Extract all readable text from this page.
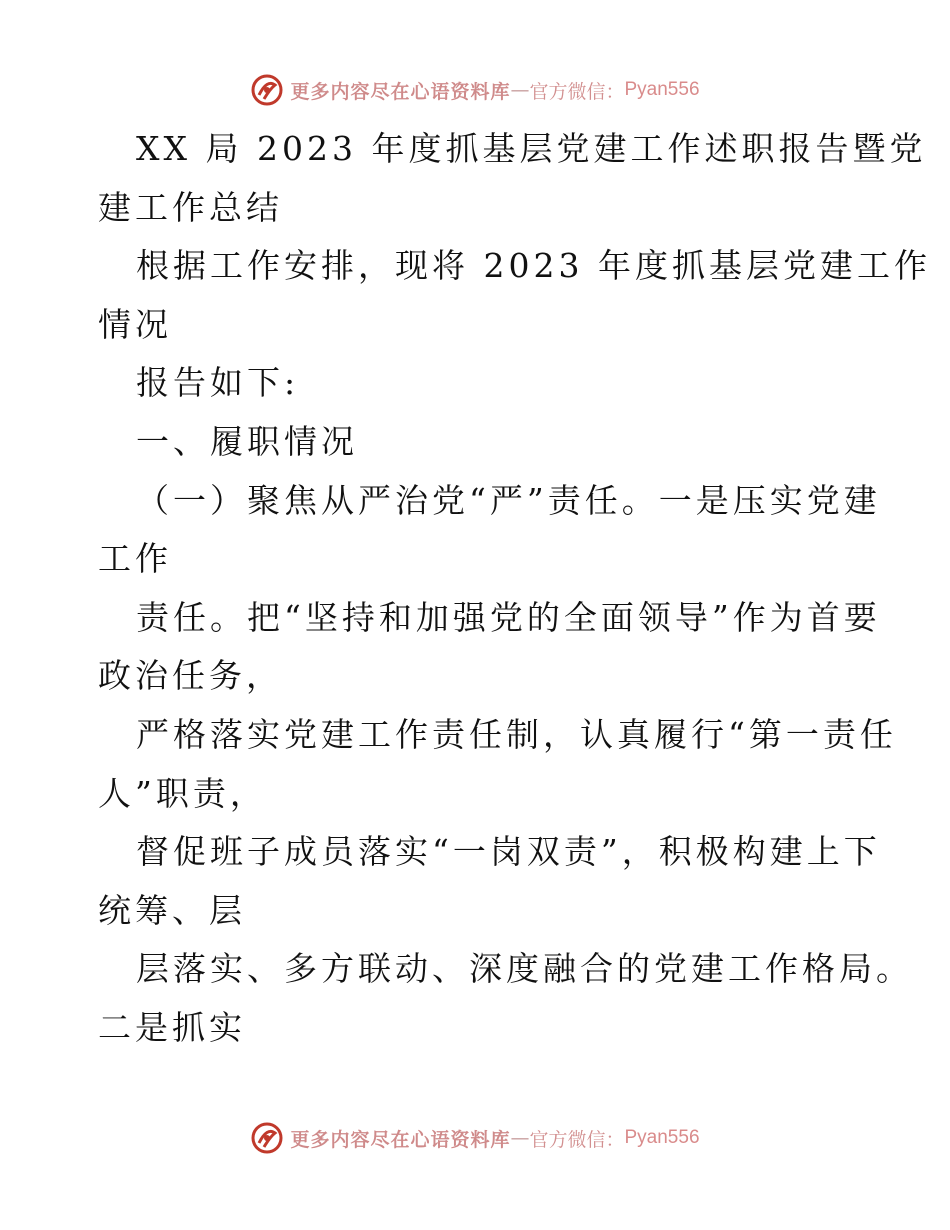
更多内容尽在心语资料库 — 官方微信： Pyan556
XX 局 2023 年度抓基层党建工作述职报告暨党
建工作总结
根据工作安排，现将 2023 年度抓基层党建工作
情况
报告如下:
一、履职情况
（一）聚焦从严治党“严”责任。一是压实党建
工作
责任。把“坚持和加强党的全面领导”作为首要
政治任务，
严格落实党建工作责任制，认真履行“第一责任
人”职责，
督促班子成员落实“一岗双责”，积极构建上下
统筹、层
层落实、多方联动、深度融合的党建工作格局。
二是抓实
更多内容尽在心语资料库 — 官方微信： Pyan556
